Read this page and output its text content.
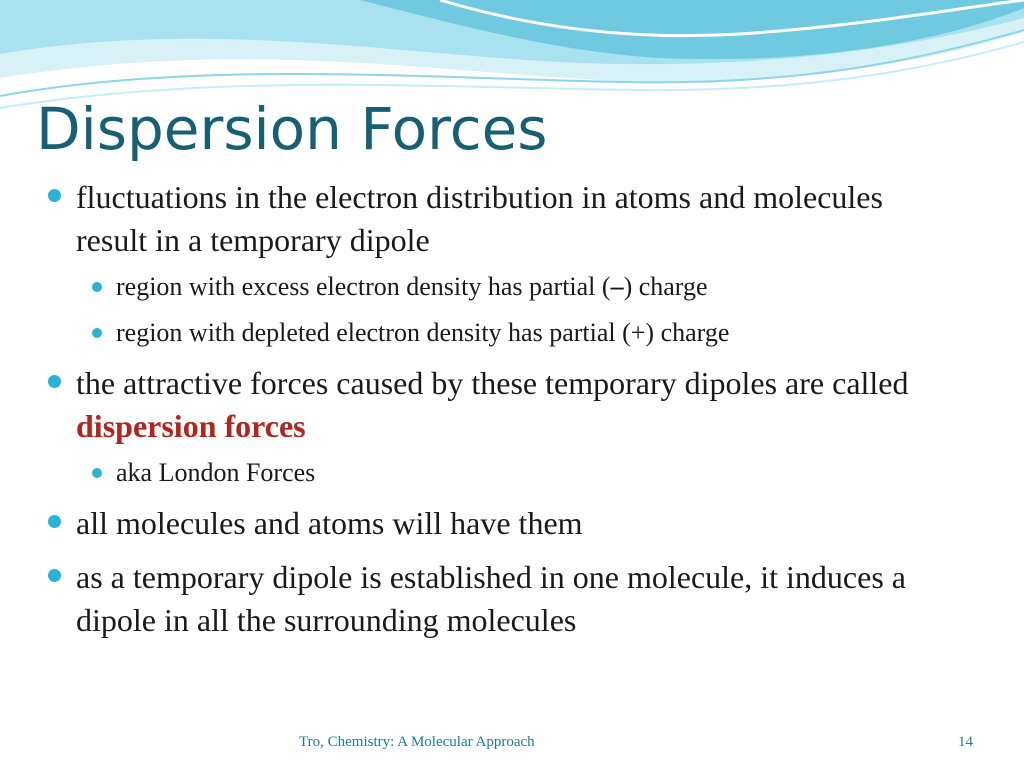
Dispersion Forces
fluctuations in the electron distribution in atoms and molecules result in a temporary dipole
region with excess electron density has partial (–) charge
region with depleted electron density has partial (+) charge
the attractive forces caused by these temporary dipoles are called dispersion forces
aka London Forces
all molecules and atoms will have them
as a temporary dipole is established in one molecule, it induces a dipole in all the surrounding molecules
Tro, Chemistry: A Molecular Approach	14
